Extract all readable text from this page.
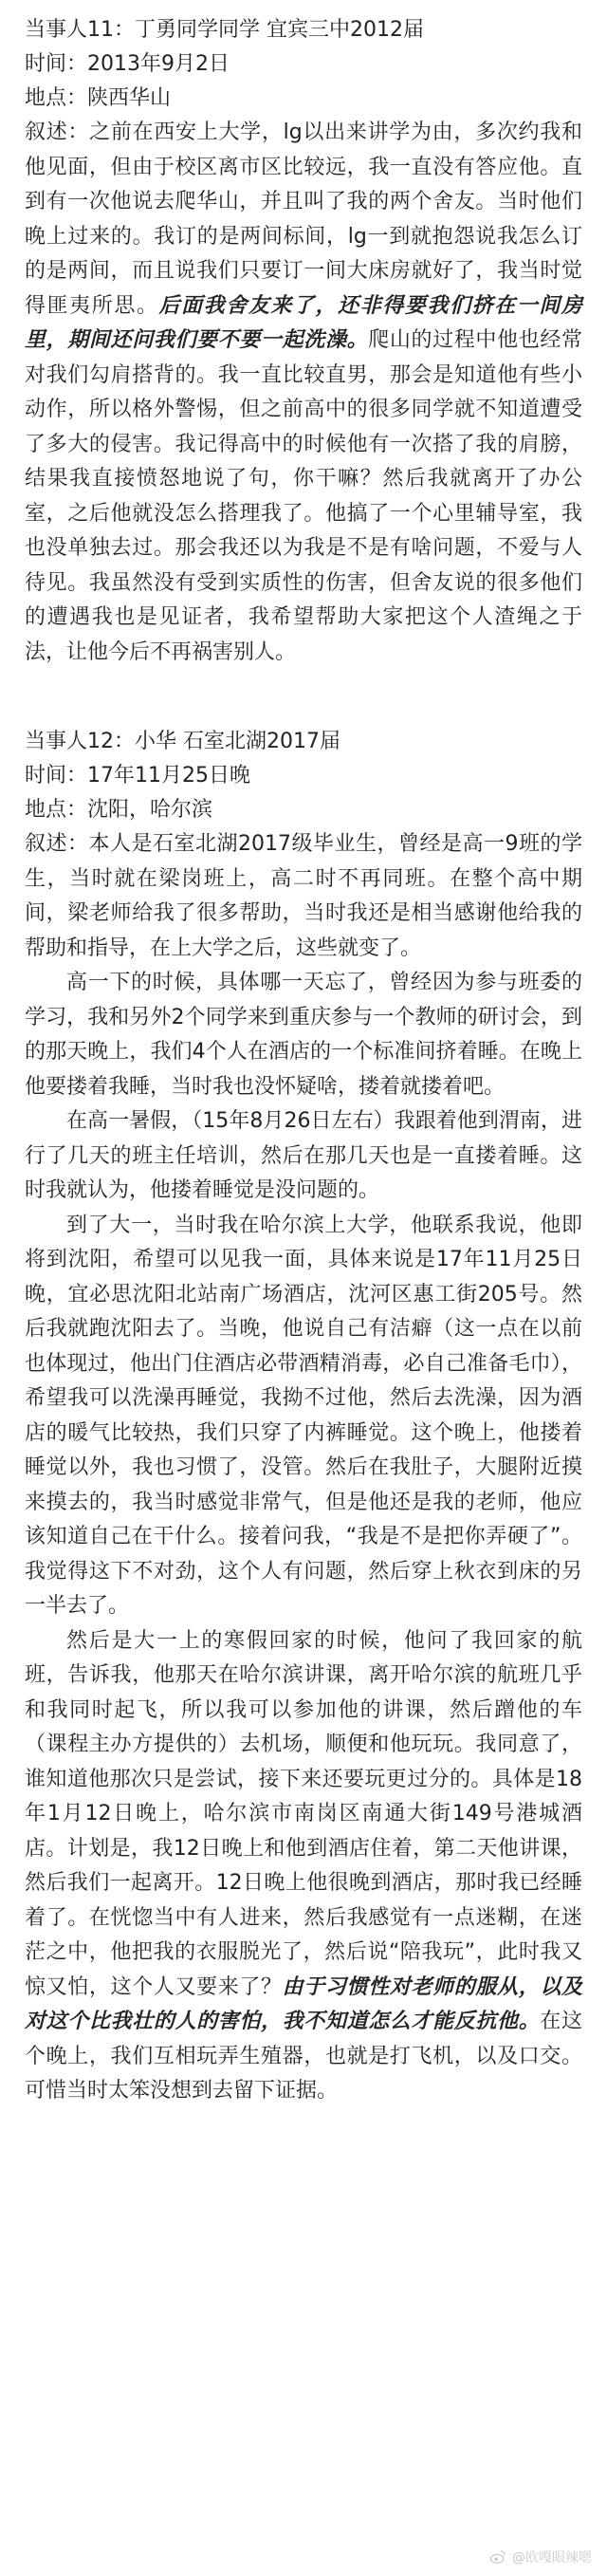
当事人11：丁勇同学同学 宜宾三中2012届

时间：2013年9月2日

地点：陕西华山

叙述：之前在西安上大学，lg以出来讲学为由，多次约我和他见面，但由于校区离市区比较远，我一直没有答应他。直到有一次他说去爬华山，并且叫了我的两个舍友。当时他们晚上过来的。我订的是两间标间，lg一到就抱怨说我怎么订的是两间，而且说我们只要订一间大床房就好了，我当时觉得匪夷所思。后面我舍友来了，还非得要我们挤在一间房里，期间还问我们要不要一起洗澡。爬山的过程中他也经常对我们勾肩搭背的。我一直比较直男，那会是知道他有些小动作，所以格外警惕，但之前高中的很多同学就不知道遭受了多大的侵害。我记得高中的时候他有一次搭了我的肩膀，结果我直接愤怒地说了句，你干嘛？然后我就离开了办公室，之后他就没怎么搭理我了。他搞了一个心里辅导室，我也没单独去过。那会我还以为我是不是有啥问题，不爱与人待见。我虽然没有受到实质性的伤害，但舍友说的很多他们的遭遇我也是见证者，我希望帮助大家把这个人渣绳之于法，让他今后不再祸害别人。

当事人12：小华 石室北湖2017届

时间：17年11月25日晚

地点：沈阳，哈尔滨

叙述：本人是石室北湖2017级毕业生，曾经是高一9班的学生，当时就在梁岗班上，高二时不再同班。在整个高中期间，梁老师给我了很多帮助，当时我还是相当感谢他给我的帮助和指导，在上大学之后，这些就变了。

高一下的时候，具体哪一天忘了，曾经因为参与班委的学习，我和另外2个同学来到重庆参与一个教师的研讨会，到的那天晚上，我们4个人在酒店的一个标准间挤着睡。在晚上他要搂着我睡，当时我也没怀疑啥，搂着就搂着吧。

在高一暑假，（15年8月26日左右）我跟着他到渭南，进行了几天的班主任培训，然后在那几天也是一直搂着睡。这时我就认为，他搂着睡觉是没问题的。

到了大一，当时我在哈尔滨上大学，他联系我说，他即将到沈阳，希望可以见我一面，具体来说是17年11月25日晚，宜必思沈阳北站南广场酒店，沈河区惠工街205号。然后我就跑沈阳去了。当晚，他说自己有洁癖（这一点在以前也体现过，他出门住酒店必带酒精消毒，必自己准备毛巾），希望我可以洗澡再睡觉，我拗不过他，然后去洗澡，因为酒店的暖气比较热，我们只穿了内裤睡觉。这个晚上，他搂着睡觉以外，我也习惯了，没管。然后在我肚子，大腿附近摸来摸去的，我当时感觉非常气，但是他还是我的老师，他应该知道自己在干什么。接着问我，“我是不是把你弄硬了”。我觉得这下不对劲，这个人有问题，然后穿上秋衣到床的另一半去了。

然后是大一上的寒假回家的时候，他问了我回家的航班，告诉我，他那天在哈尔滨讲课，离开哈尔滨的航班几乎和我同时起飞，所以我可以参加他的讲课，然后蹭他的车（课程主办方提供的）去机场，顺便和他玩玩。我同意了，谁知道他那次只是尝试，接下来还要玩更过分的。具体是18年1月12日晚上，哈尔滨市南岗区南通大街149号港城酒店。计划是，我12日晚上和他到酒店住着，第二天他讲课，然后我们一起离开。12日晚上他很晚到酒店，那时我已经睡着了。在恍惚当中有人进来，然后我感觉有一点迷糊，在迷茫之中，他把我的衣服脱光了，然后说“陪我玩”，此时我又惊又怕，这个人又要来了？由于习惯性对老师的服从，以及对这个比我壮的人的害怕，我不知道怎么才能反抗他。在这个晚上，我们互相玩弄生殖器，也就是打飞机，以及口交。可惜当时太笨没想到去留下证据。

@欧嘎眼辣嗯
